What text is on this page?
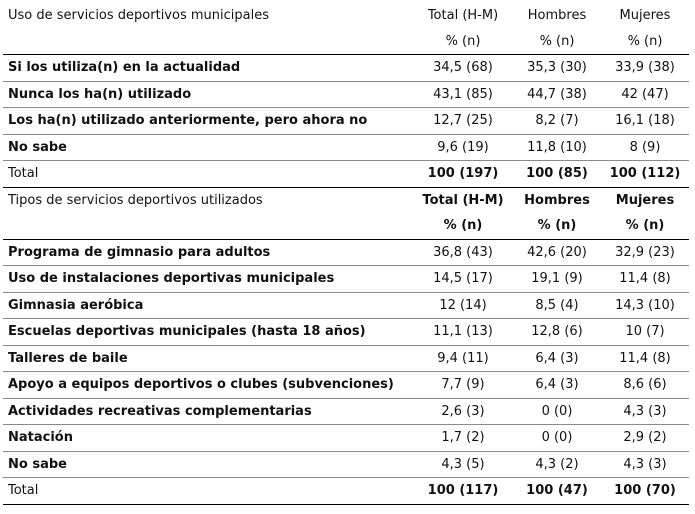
Uso de servicios deportivos municipales	Total (H-M)	Hombres	Mujeres
	% (n)	% (n)	% (n)
Si los utiliza(n) en la actualidad	34,5 (68)	35,3 (30)	33,9 (38)
Nunca los ha(n) utilizado	43,1 (85)	44,7 (38)	42 (47)
Los ha(n) utilizado anteriormente, pero ahora no	12,7 (25)	8,2 (7)	16,1 (18)
No sabe	9,6 (19)	11,8 (10)	8 (9)
Total	100 (197)	100 (85)	100 (112)
Tipos de servicios deportivos utilizados	Total (H-M)	Hombres	Mujeres
	% (n)	% (n)	% (n)
Programa de gimnasio para adultos	36,8 (43)	42,6 (20)	32,9 (23)
Uso de instalaciones deportivas municipales	14,5 (17)	19,1 (9)	11,4 (8)
Gimnasia aeróbica	12 (14)	8,5 (4)	14,3 (10)
Escuelas deportivas municipales (hasta 18 años)	11,1 (13)	12,8 (6)	10 (7)
Talleres de baile	9,4 (11)	6,4 (3)	11,4 (8)
Apoyo a equipos deportivos o clubes (subvenciones)	7,7 (9)	6,4 (3)	8,6 (6)
Actividades recreativas complementarias	2,6 (3)	0 (0)	4,3 (3)
Natación	1,7 (2)	0 (0)	2,9 (2)
No sabe	4,3 (5)	4,3 (2)	4,3 (3)
Total	100 (117)	100 (47)	100 (70)
